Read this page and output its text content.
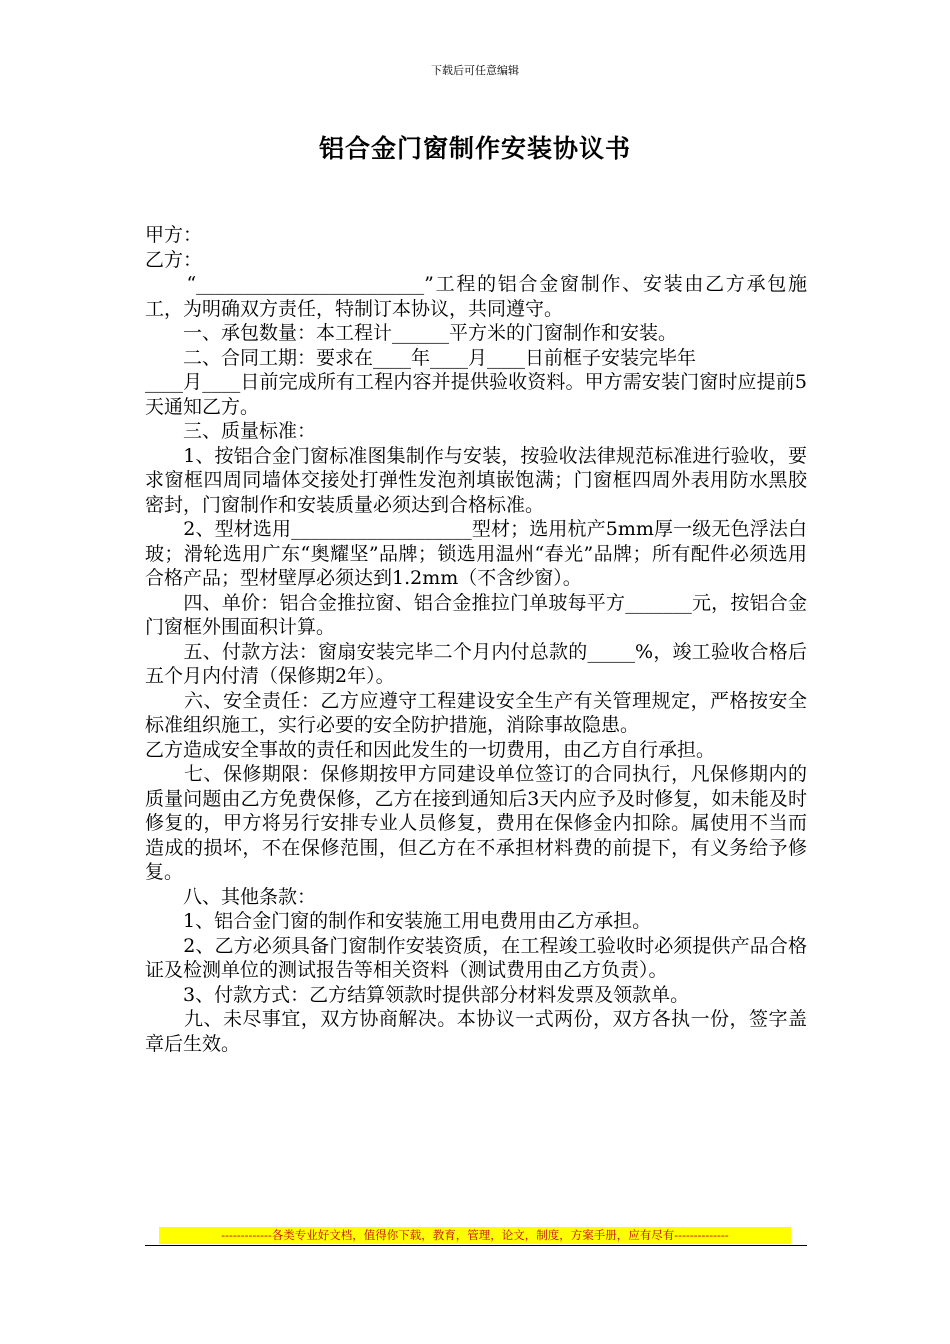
下载后可任意编辑
铝合金门窗制作安装协议书

甲方：

乙方：

　　“________________________”工程的铝合金窗制作、安装由乙方承包施工，为明确双方责任，特制订本协议，共同遵守。

　　一、承包数量：本工程计______平方米的门窗制作和安装。

　　二、合同工期：要求在____年____月____日前框子安装完毕年

____月____日前完成所有工程内容并提供验收资料。甲方需安装门窗时应提前5天通知乙方。

　　三、质量标准：

　　1、按铝合金门窗标准图集制作与安装，按验收法律规范标准进行验收，要求窗框四周同墙体交接处打弹性发泡剂填嵌饱满；门窗框四周外表用防水黑胶密封，门窗制作和安装质量必须达到合格标准。

　　2、型材选用___________________型材；选用杭产5mm厚一级无色浮法白玻；滑轮选用广东“奥耀坚”品牌；锁选用温州“春光”品牌；所有配件必须选用合格产品；型材壁厚必须达到1.2mm（不含纱窗）。

　　四、单价：铝合金推拉窗、铝合金推拉门单玻每平方_______元，按铝合金门窗框外围面积计算。

　　五、付款方法：窗扇安装完毕二个月内付总款的_____%，竣工验收合格后五个月内付清（保修期2年）。

　　六、安全责任：乙方应遵守工程建设安全生产有关管理规定，严格按安全标准组织施工，实行必要的安全防护措施，消除事故隐患。

乙方造成安全事故的责任和因此发生的一切费用，由乙方自行承担。

　　七、保修期限：保修期按甲方同建设单位签订的合同执行，凡保修期内的质量问题由乙方免费保修，乙方在接到通知后3天内应予及时修复，如未能及时修复的，甲方将另行安排专业人员修复，费用在保修金内扣除。属使用不当而造成的损坏，不在保修范围，但乙方在不承担材料费的前提下，有义务给予修复。

　　八、其他条款：

　　1、铝合金门窗的制作和安装施工用电费用由乙方承担。

　　2、乙方必须具备门窗制作安装资质，在工程竣工验收时必须提供产品合格证及检测单位的测试报告等相关资料（测试费用由乙方负责）。

　　3、付款方式：乙方结算领款时提供部分材料发票及领款单。

　　九、未尽事宜，双方协商解决。本协议一式两份，双方各执一份，签字盖章后生效。

-------------各类专业好文档，值得你下载，教育，管理，论文，制度，方案手册，应有尽有--------------
